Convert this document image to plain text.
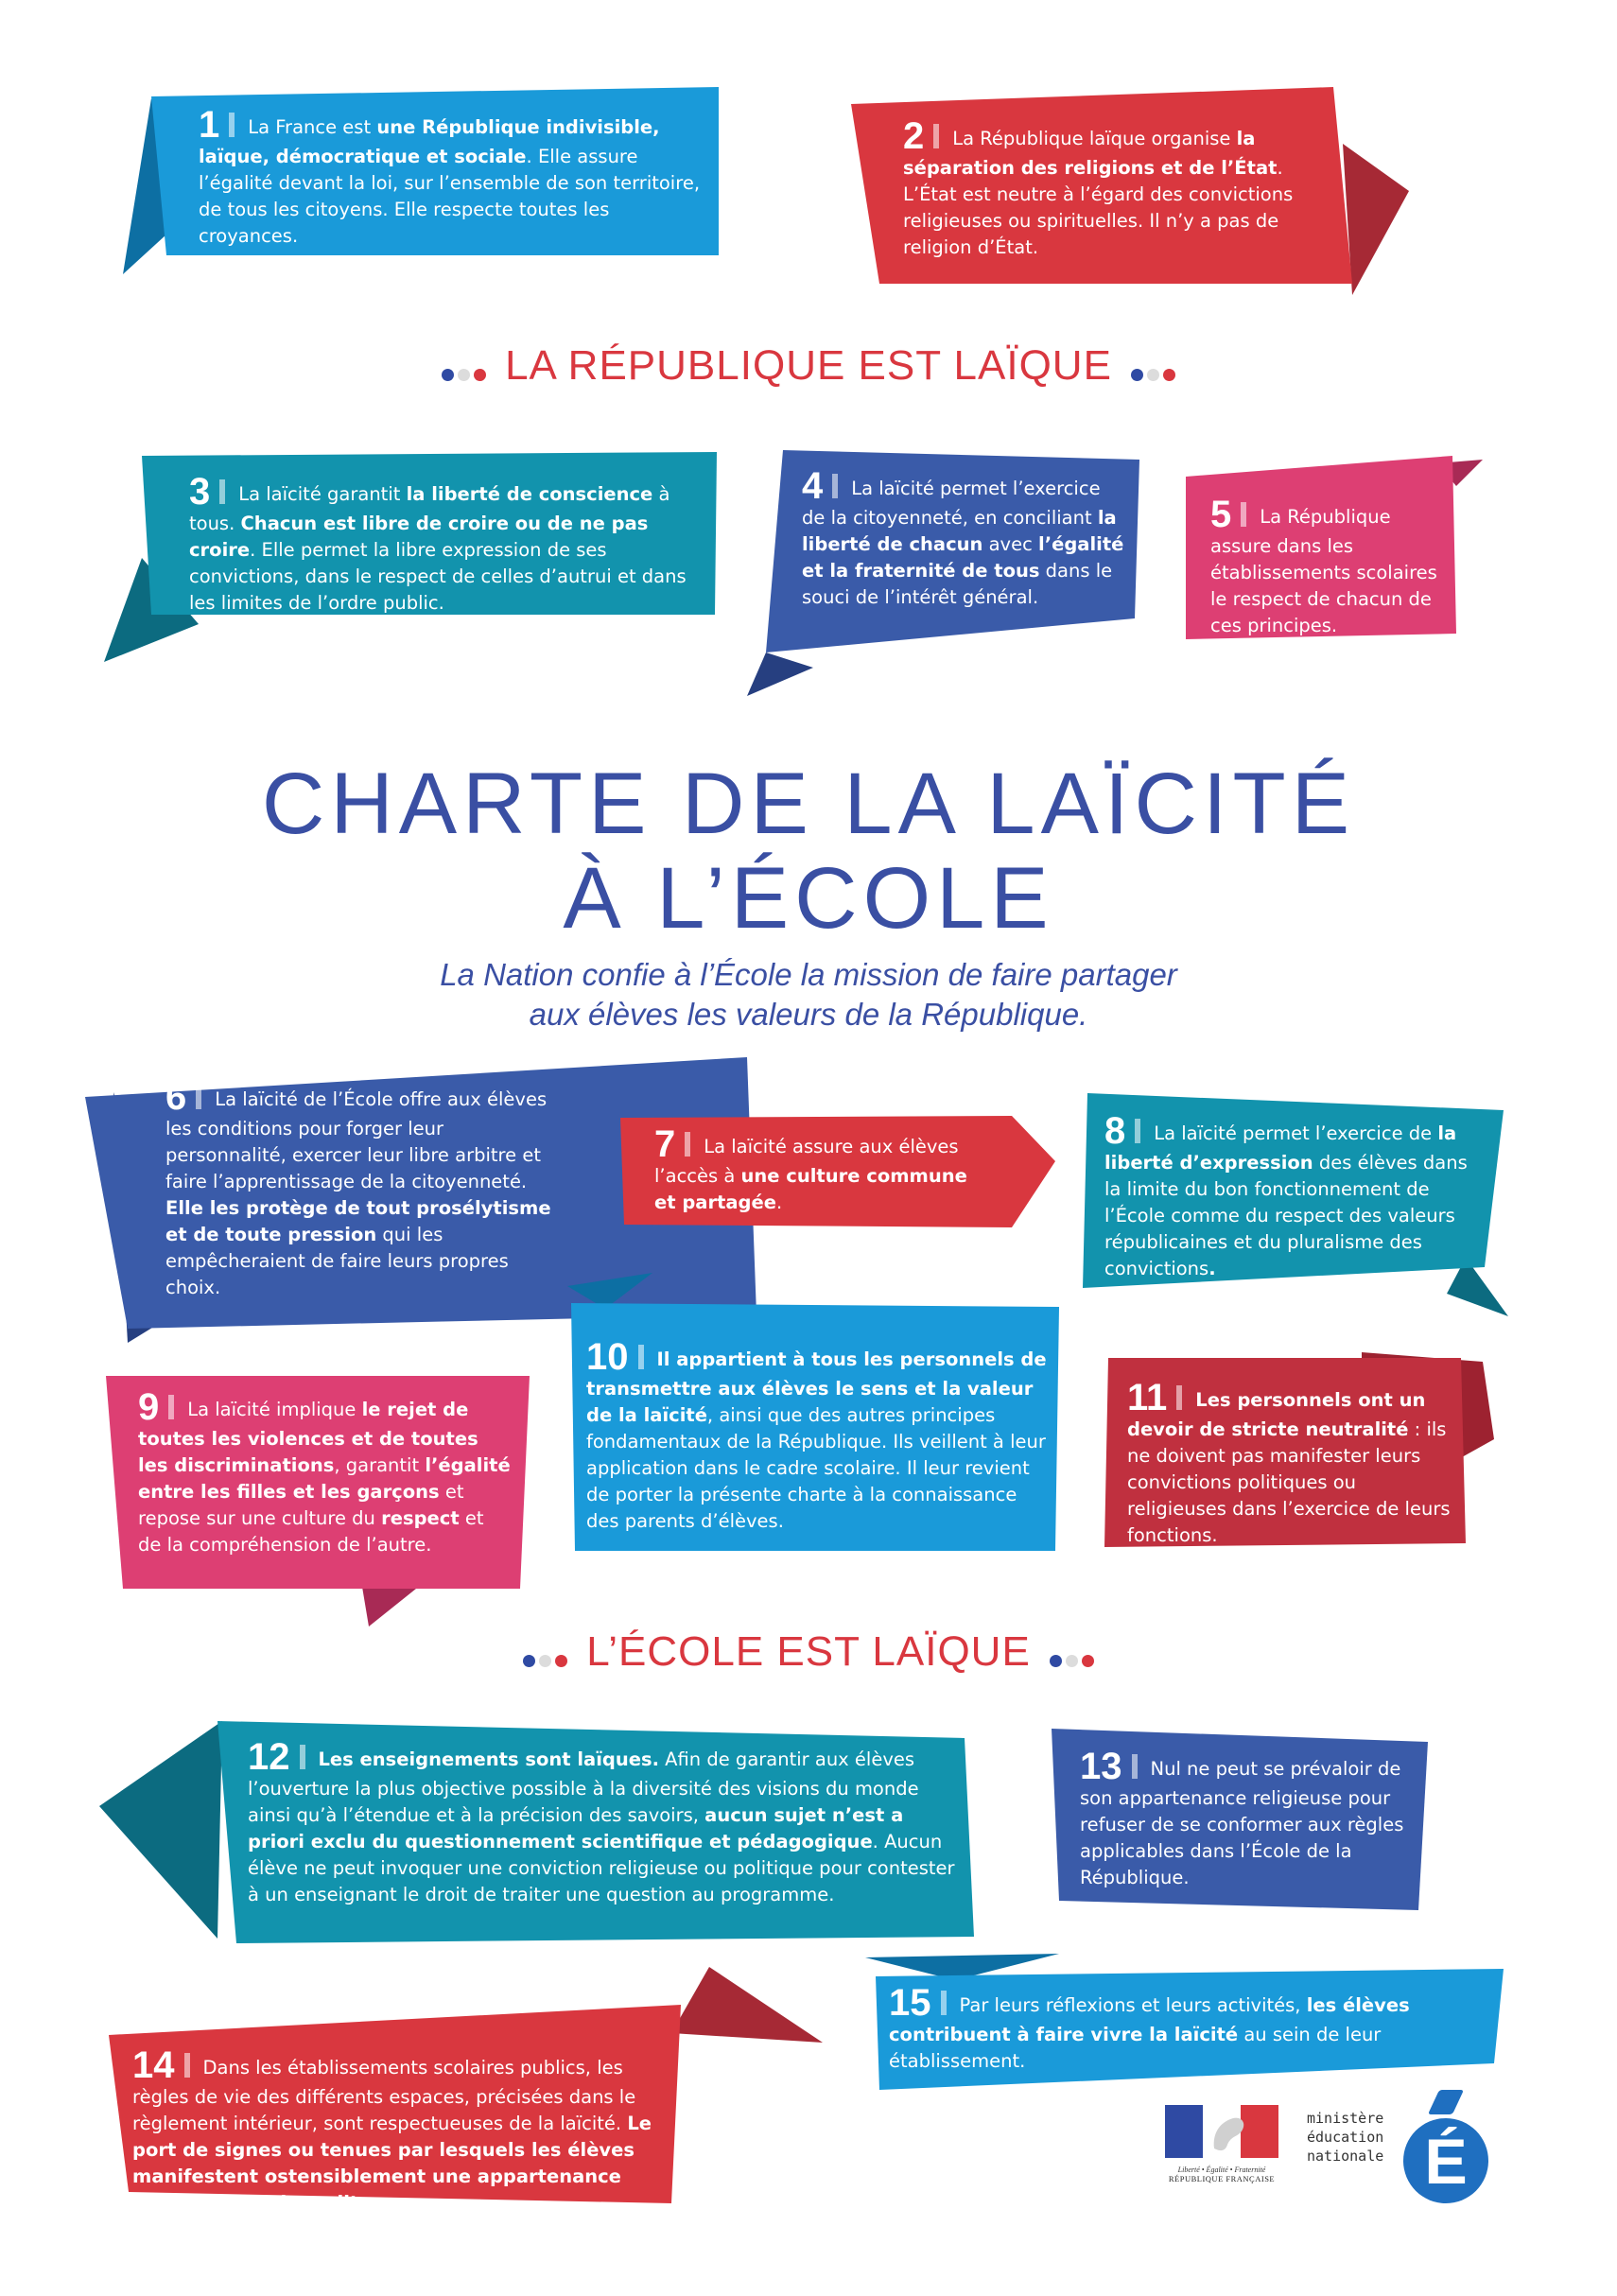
1 La France est une République indivisible, laïque, démocratique et sociale. Elle assure l’égalité devant la loi, sur l’ensemble de son territoire, de tous les citoyens. Elle respecte toutes les croyances.
2 La République laïque organise la séparation des religions et de l’État. L’État est neutre à l’égard des convictions religieuses ou spirituelles. Il n’y a pas de religion d’État.
LA RÉPUBLIQUE EST LAÏQUE
3 La laïcité garantit la liberté de conscience à tous. Chacun est libre de croire ou de ne pas croire. Elle permet la libre expression de ses convictions, dans le respect de celles d’autrui et dans les limites de l’ordre public.
4 La laïcité permet l’exercice de la citoyenneté, en conciliant la liberté de chacun avec l’égalité et la fraternité de tous dans le souci de l’intérêt général.
5 La République assure dans les établissements scolaires le respect de chacun de ces principes.
CHARTE DE LA LAÏCITÉ
À L’ÉCOLE
La Nation confie à l’École la mission de faire partager
aux élèves les valeurs de la République.
6 La laïcité de l’École offre aux élèves les conditions pour forger leur personnalité, exercer leur libre arbitre et faire l’apprentissage de la citoyenneté. Elle les protège de tout prosélytisme et de toute pression qui les empêcheraient de faire leurs propres choix.
7 La laïcité assure aux élèves l’accès à une culture commune et partagée.
8 La laïcité permet l’exercice de la liberté d’expression des élèves dans la limite du bon fonctionnement de l’École comme du respect des valeurs républicaines et du pluralisme des convictions.
10 Il appartient à tous les personnels de transmettre aux élèves le sens et la valeur de la laïcité, ainsi que des autres principes fondamentaux de la République. Ils veillent à leur application dans le cadre scolaire. Il leur revient de porter la présente charte à la connaissance des parents d’élèves.
9 La laïcité implique le rejet de toutes les violences et de toutes les discriminations, garantit l’égalité entre les filles et les garçons et repose sur une culture du respect et de la compréhension de l’autre.
11 Les personnels ont un devoir de stricte neutralité : ils ne doivent pas manifester leurs convictions politiques ou religieuses dans l’exercice de leurs fonctions.
L’ÉCOLE EST LAÏQUE
12 Les enseignements sont laïques. Afin de garantir aux élèves l’ouverture la plus objective possible à la diversité des visions du monde ainsi qu’à l’étendue et à la précision des savoirs, aucun sujet n’est a priori exclu du questionnement scientifique et pédagogique. Aucun élève ne peut invoquer une conviction religieuse ou politique pour contester à un enseignant le droit de traiter une question au programme.
13 Nul ne peut se prévaloir de son appartenance religieuse pour refuser de se conformer aux règles applicables dans l’École de la République.
15 Par leurs réflexions et leurs activités, les élèves contribuent à faire vivre la laïcité au sein de leur établissement.
14 Dans les établissements scolaires publics, les règles de vie des différents espaces, précisées dans le règlement intérieur, sont respectueuses de la laïcité. Le port de signes ou tenues par lesquels les élèves manifestent ostensiblement une appartenance religieuse est interdit.
Liberté • Égalité • Fraternité
RÉPUBLIQUE FRANÇAISE
ministère
éducation
nationale É
